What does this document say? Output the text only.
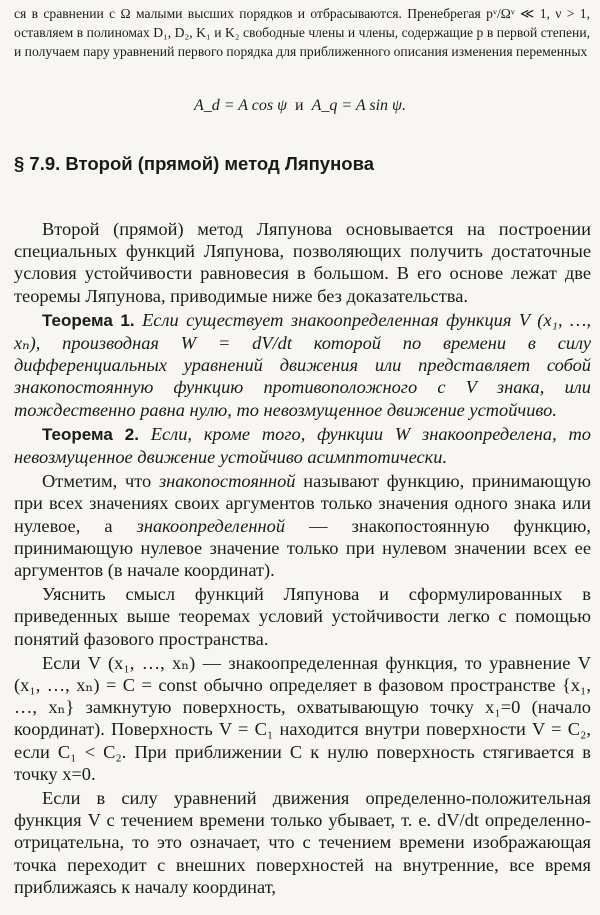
ся в сравнении с Ω малыми высших порядков и отбрасываются. Пренебрегая pᵛ/Ωᵛ ≪ 1, ν > 1, оставляем в полиномах D₁, D₂, K₁ и K₂ свободные члены и члены, содержащие p в первой степени, и получаем пару уравнений первого порядка для приближенного описания изменения переменных
A_d = A cos ψ и A_q = A sin ψ.
§ 7.9. Второй (прямой) метод Ляпунова

Второй (прямой) метод Ляпунова основывается на построении специальных функций Ляпунова, позволяющих получить достаточные условия устойчивости равновесия в большом. В его основе лежат две теоремы Ляпунова, приводимые ниже без доказательства.

Теорема 1. Если существует знакоопределенная функция V (x₁, …, xₙ), производная W = dV/dt которой по времени в силу дифференциальных уравнений движения или представляет собой знакопостоянную функцию противоположного с V знака, или тождественно равна нулю, то невозмущенное движение устойчиво.

Теорема 2. Если, кроме того, функции W знакоопределена, то невозмущенное движение устойчиво асимптотически.

Отметим, что знакопостоянной называют функцию, принимающую при всех значениях своих аргументов только значения одного знака или нулевое, а знакоопределенной — знакопостоянную функцию, принимающую нулевое значение только при нулевом значении всех ее аргументов (в начале координат).

Уяснить смысл функций Ляпунова и сформулированных в приведенных выше теоремах условий устойчивости легко с помощью понятий фазового пространства.

Если V (x₁, …, xₙ) — знакоопределенная функция, то уравнение V (x₁, …, xₙ) = C = const обычно определяет в фазовом пространстве {x₁, …, xₙ} замкнутую поверхность, охватывающую точку x₁=0 (начало координат). Поверхность V = C₁ находится внутри поверхности V = C₂, если C₁ < C₂. При приближении C к нулю поверхность стягивается в точку x=0.

Если в силу уравнений движения определенно-положительная функция V с течением времени только убывает, т. е. dV/dt определенно-отрицательна, то это означает, что с течением времени изображающая точка переходит с внешних поверхностей на внутренние, все время приближаясь к началу координат,
